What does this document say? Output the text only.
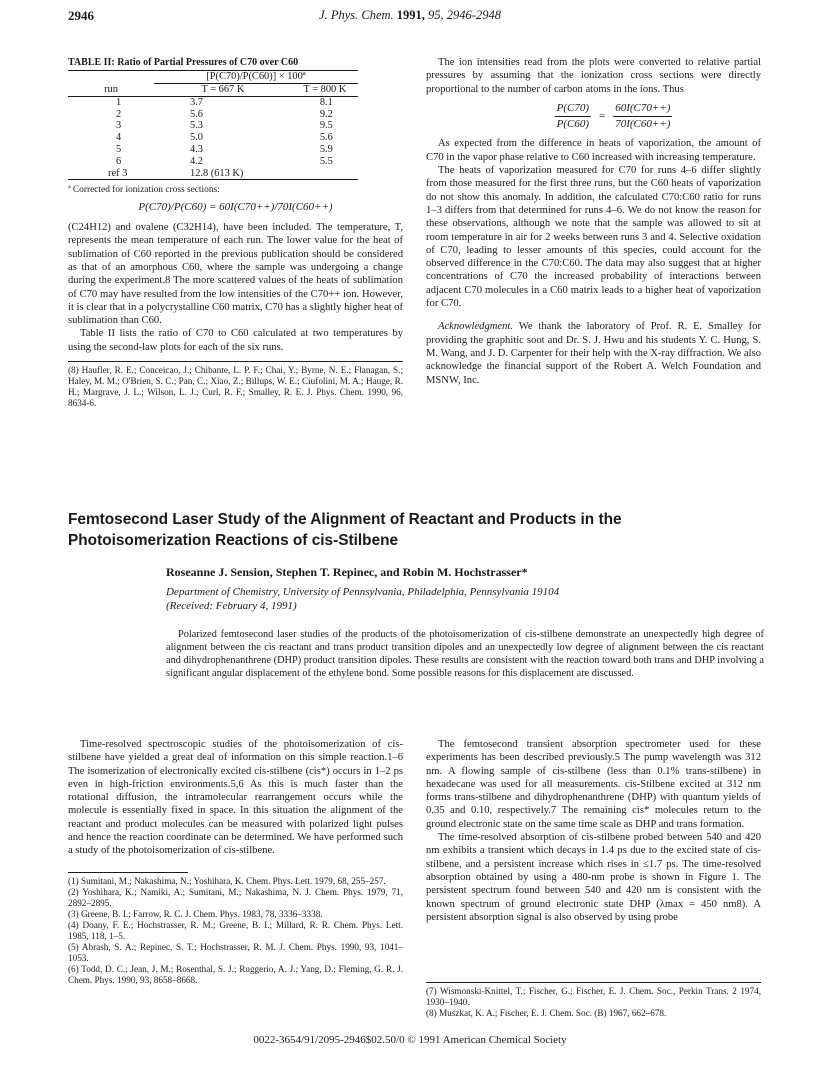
2946	J. Phys. Chem. 1991, 95, 2946-2948
TABLE II: Ratio of Partial Pressures of C70 over C60
	[P(C70)/P(C60)] × 100ª	
run	T = 667 K	T = 800 K
1	3.7	8.1
2	5.6	9.2
3	5.3	9.5
4	5.0	5.6
5	4.3	5.9
6	4.2	5.5
ref 3	12.8 (613 K)	
ª Corrected for ionization cross sections:
P(C70)/P(C60) = 60I(C70++)/70I(C60++)

(C24H12) and ovalene (C32H14), have been included. The temperature, T, represents the mean temperature of each run. The lower value for the heat of sublimation of C60 reported in the previous publication should be considered as that of an amorphous C60, where the sample was undergoing a change during the experiment.8 The more scattered values of the heats of sublimation of C70 may have resulted from the low intensities of the C70++ ion. However, it is clear that in a polycrystalline C60 matrix, C70 has a slightly higher heat of sublimation than C60.

Table II lists the ratio of C70 to C60 calculated at two temperatures by using the second-law plots for each of the six runs.

(8) Haufler, R. E.; Conceicao, J.; Chibante, L. P. F.; Chai, Y.; Byrne, N. E.; Flanagan, S.; Haley, M. M.; O'Brien, S. C.; Pan, C.; Xiao, Z.; Billups, W. E.; Ciufolini, M. A.; Hauge, R. H.; Margrave, J. L.; Wilson, L. J.; Curl, R. F.; Smalley, R. E. J. Phys. Chem. 1990, 96, 8634-6.

The ion intensities read from the plots were converted to relative partial pressures by assuming that the ionization cross sections were directly proportional to the number of carbon atoms in the ions. Thus

$\frac{P(C70)}{P(C60)} = \frac{60I(C70++)}{70I(C60++)}$

As expected from the difference in heats of vaporization, the amount of C70 in the vapor phase relative to C60 increased with increasing temperature.

The heats of vaporization measured for C70 for runs 4–6 differ slightly from those measured for the first three runs, but the C60 heats of vaporization do not show this anomaly. In addition, the calculated C70:C60 ratio for runs 1–3 differs from that determined for runs 4–6. We do not know the reason for these observations, although we note that the sample was allowed to sit at room temperature in air for 2 weeks between runs 3 and 4. Selective oxidation of C70, leading to lesser amounts of this species, could account for the observed difference in the C70:C60. The data may also suggest that at higher concentrations of C70 the increased probability of interactions between adjacent C70 molecules in a C60 matrix leads to a higher heat of vaporization for C70.

Acknowledgment. We thank the laboratory of Prof. R. E. Smalley for providing the graphitic soot and Dr. S. J. Hwu and his students Y. C. Hung, S. M. Wang, and J. D. Carpenter for their help with the X-ray diffraction. We also acknowledge the financial support of the Robert A. Welch Foundation and MSNW, Inc.

Femtosecond Laser Study of the Alignment of Reactant and Products in the Photoisomerization Reactions of cis-Stilbene
Roseanne J. Sension, Stephen T. Repinec, and Robin M. Hochstrasser*
Department of Chemistry, University of Pennsylvania, Philadelphia, Pennsylvania 19104
(Received: February 4, 1991)
Polarized femtosecond laser studies of the products of the photoisomerization of cis-stilbene demonstrate an unexpectedly high degree of alignment between the cis reactant and trans product transition dipoles and an unexpectedly low degree of alignment between the cis reactant and dihydrophenanthrene (DHP) product transition dipoles. These results are consistent with the reaction toward both trans and DHP involving a significant angular displacement of the ethylene bond. Some possible reasons for this displacement are discussed.

Time-resolved spectroscopic studies of the photoisomerization of cis-stilbene have yielded a great deal of information on this simple reaction.1–6 The isomerization of electronically excited cis-stilbene (cis*) occurs in 1–2 ps even in high-friction environments.5,6 As this is much faster than the rotational diffusion, the intramolecular rearrangement occurs while the molecule is essentially fixed in space. In this situation the alignment of the reactant and product molecules can be measured with polarized light pulses and hence the reaction coordinate can be determined. We have performed such a study of the photoisomerization of cis-stilbene.

(1) Sumitani, M.; Nakashima, N.; Yoshihara, K. Chem. Phys. Lett. 1979, 68, 255–257.
(2) Yoshihara, K.; Namiki, A.; Sumitani, M.; Nakashima, N. J. Chem. Phys. 1979, 71, 2892–2895.
(3) Greene, B. I.; Farrow, R. C. J. Chem. Phys. 1983, 78, 3336–3338.
(4) Doany, F. E.; Hochstrasser, R. M.; Greene, B. I.; Millard, R. R. Chem. Phys. Lett. 1985, 118, 1–5.
(5) Abrash, S. A.; Repinec, S. T.; Hochstrasser, R. M. J. Chem. Phys. 1990, 93, 1041–1053.
(6) Todd, D. C.; Jean, J. M.; Rosenthal, S. J.; Ruggerio, A. J.; Yang, D.; Fleming, G. R. J. Chem. Phys. 1990, 93, 8658–8668.

The femtosecond transient absorption spectrometer used for these experiments has been described previously.5 The pump wavelength was 312 nm. A flowing sample of cis-stilbene (less than 0.1% trans-stilbene) in hexadecane was used for all measurements. cis-Stilbene excited at 312 nm forms trans-stilbene and dihydrophenanthrene (DHP) with quantum yields of 0.35 and 0.10, respectively.7 The remaining cis* molecules return to the ground electronic state on the same time scale as DHP and trans formation.

The time-resolved absorption of cis-stilbene probed between 540 and 420 nm exhibits a transient which decays in 1.4 ps due to the excited state of cis-stilbene, and a persistent increase which rises in ≤1.7 ps. The time-resolved absorption obtained by using a 480-nm probe is shown in Figure 1. The persistent spectrum found between 540 and 420 nm is consistent with the known spectrum of ground electronic state DHP (λmax = 450 nm8). A persistent absorption signal is also observed by using probe

(7) Wismonski-Knittel, T.; Fischer, G.; Fischer, E. J. Chem. Soc., Perkin Trans. 2 1974, 1930–1940.
(8) Muszkat, K. A.; Fischer, E. J. Chem. Soc. (B) 1967, 662–678.
0022-3654/91/2095-2946$02.50/0 © 1991 American Chemical Society
